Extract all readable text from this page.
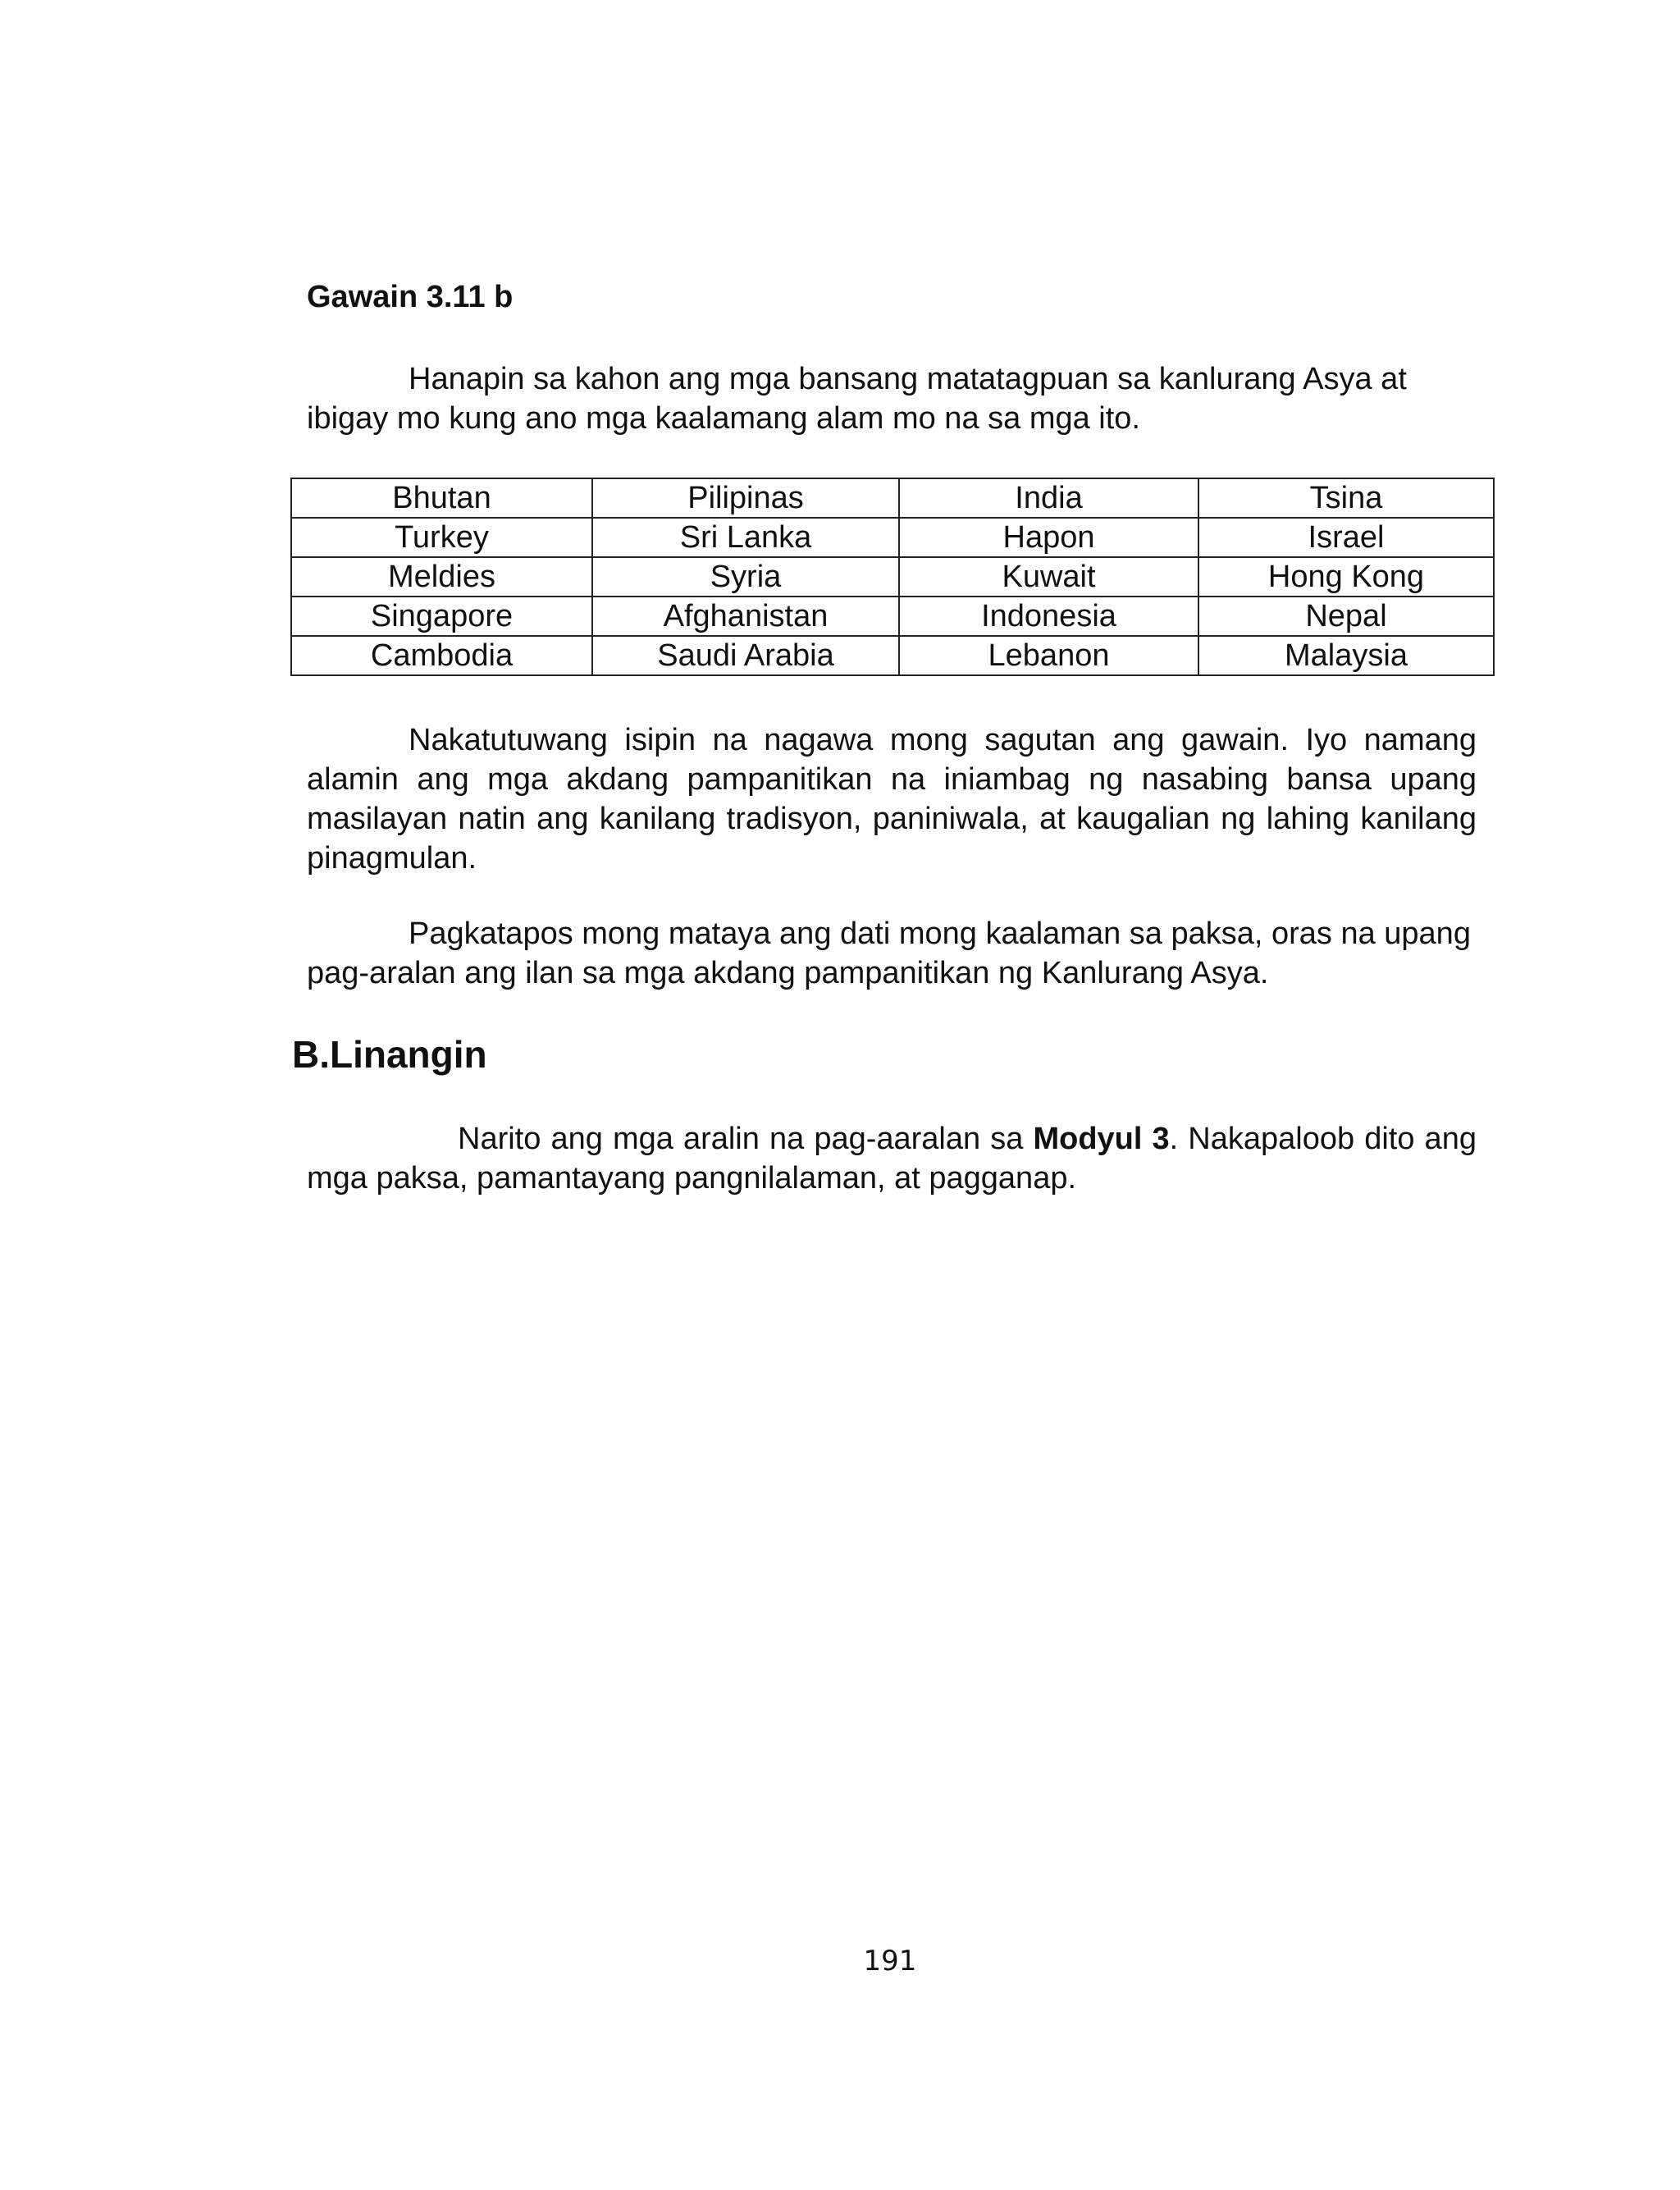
Gawain 3.11 b

Hanapin sa kahon ang mga bansang matatagpuan sa kanlurang Asya at ibigay mo kung ano mga kaalamang alam mo na sa mga ito.

Bhutan	Pilipinas	India	Tsina
Turkey	Sri Lanka	Hapon	Israel
Meldies	Syria	Kuwait	Hong Kong
Singapore	Afghanistan	Indonesia	Nepal
Cambodia	Saudi Arabia	Lebanon	Malaysia

Nakatutuwang isipin na nagawa mong sagutan ang gawain. Iyo namang alamin ang mga akdang pampanitikan na iniambag ng nasabing bansa upang masilayan natin ang kanilang tradisyon, paniniwala, at kaugalian ng lahing kanilang pinagmulan.

Pagkatapos mong mataya ang dati mong kaalaman sa paksa, oras na upang pag-aralan ang ilan sa mga akdang pampanitikan ng Kanlurang Asya.

B.Linangin

Narito ang mga aralin na pag-aaralan sa Modyul 3. Nakapaloob dito ang mga paksa, pamantayang pangnilalaman, at pagganap.

191
